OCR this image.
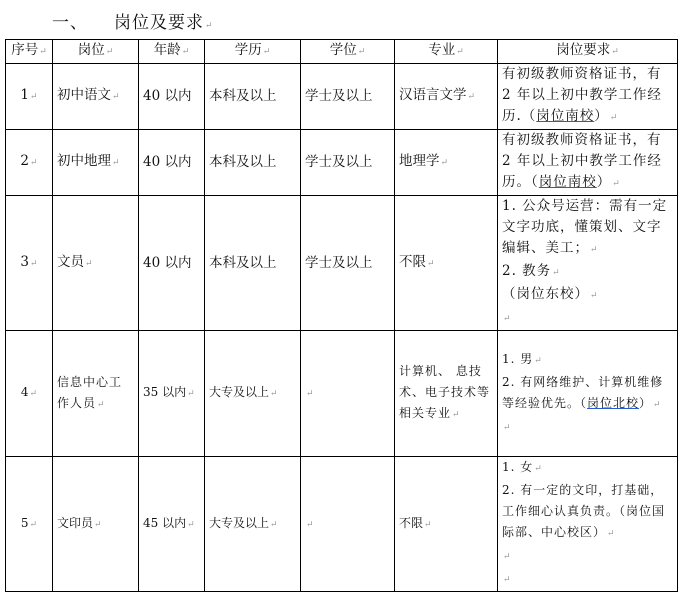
一、 岗位及要求 ↵
序号 ↵	岗位 ↵	年龄 ↵	学历 ↵	学位 ↵	专业 ↵	岗位要求 ↵
1 ↵	初中语文 ↵	40 以内	本科及以上	学士及以上	汉语言文学 ↵	有初级教师资格证书，有 2 年以上初中教学工作经历.（岗位南校） ↵
2 ↵	初中地理 ↵	40 以内	本科及以上	学士及以上	地理学 ↵	有初级教师资格证书，有 2 年以上初中教学工作经历。（岗位南校） ↵
3 ↵	文员 ↵	40 以内	本科及以上	学士及以上	不限 ↵	1. 公众号运营：需有一定文字功底，懂策划、文字编辑、美工； ↵
2. 教务 ↵
（岗位东校） ↵
↵

4 ↵	信息中心工作人员 ↵	35 以内 ↵	大专及以上 ↵	↵	计算机、 息技术、电子技术等相关专业 ↵	1. 男 ↵
2. 有网络维护、计算机维修等经验优先。（岗位北校） ↵
↵

5 ↵	文印员 ↵	45 以内 ↵	大专及以上 ↵	↵	不限 ↵	1. 女 ↵
2. 有一定的文印，打基础，工作细心认真负责。（岗位国际部、中心校区） ↵
↵
↵
